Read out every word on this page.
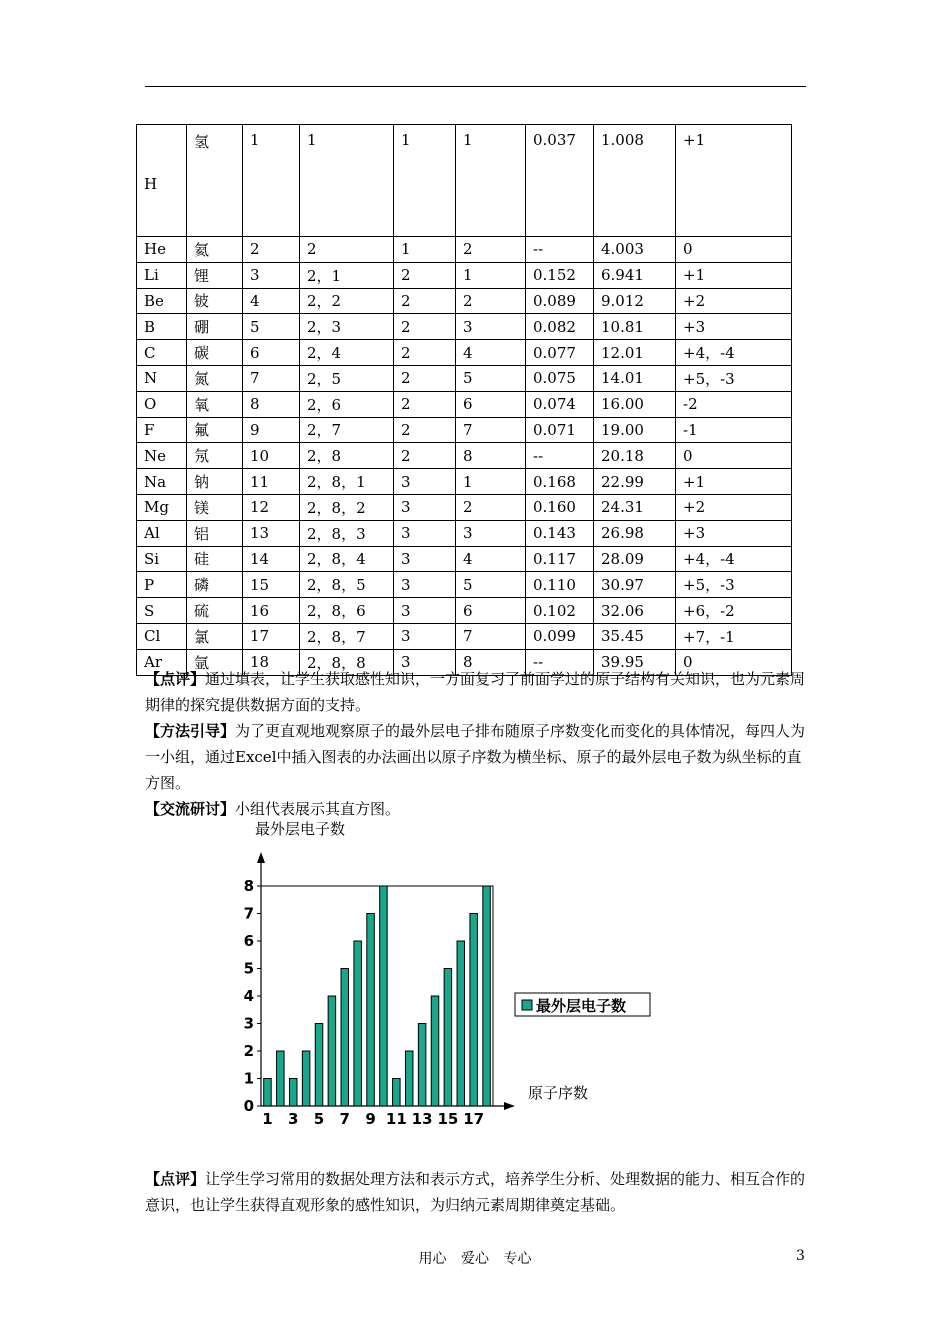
H	氢	1	1	1	1	0.037	1.008	+1
He	氦	2	2	1	2	--	4.003	0
Li	锂	3	2，1	2	1	0.152	6.941	+1
Be	铍	4	2，2	2	2	0.089	9.012	+2
B	硼	5	2，3	2	3	0.082	10.81	+3
C	碳	6	2，4	2	4	0.077	12.01	+4，-4
N	氮	7	2，5	2	5	0.075	14.01	+5，-3
O	氧	8	2，6	2	6	0.074	16.00	-2
F	氟	9	2，7	2	7	0.071	19.00	-1
Ne	氖	10	2，8	2	8	--	20.18	0
Na	钠	11	2，8，1	3	1	0.168	22.99	+1
Mg	镁	12	2，8，2	3	2	0.160	24.31	+2
Al	铝	13	2，8，3	3	3	0.143	26.98	+3
Si	硅	14	2，8，4	3	4	0.117	28.09	+4，-4
P	磷	15	2，8，5	3	5	0.110	30.97	+5，-3
S	硫	16	2，8，6	3	6	0.102	32.06	+6，-2
Cl	氯	17	2，8，7	3	7	0.099	35.45	+7，-1
Ar	氩	18	2，8，8	3	8	--	39.95	0
【点评】通过填表，让学生获取感性知识，一方面复习了前面学过的原子结构有关知识，也为元素周期律的探究提供数据方面的支持。
【方法引导】为了更直观地观察原子的最外层电子排布随原子序数变化而变化的具体情况，每四人为一小组，通过Excel中插入图表的办法画出以原子序数为横坐标、原子的最外层电子数为纵坐标的直方图。
【交流研讨】小组代表展示其直方图。
最外层电子数
原子序数
0
1
2
3
4
5
6
7
8
1 3 5 7 9 11 13 15 17
最外层电子数
【点评】让学生学习常用的数据处理方法和表示方式，培养学生分析、处理数据的能力、相互合作的意识，也让学生获得直观形象的感性知识，为归纳元素周期律奠定基础。
用心 爱心 专心	3
